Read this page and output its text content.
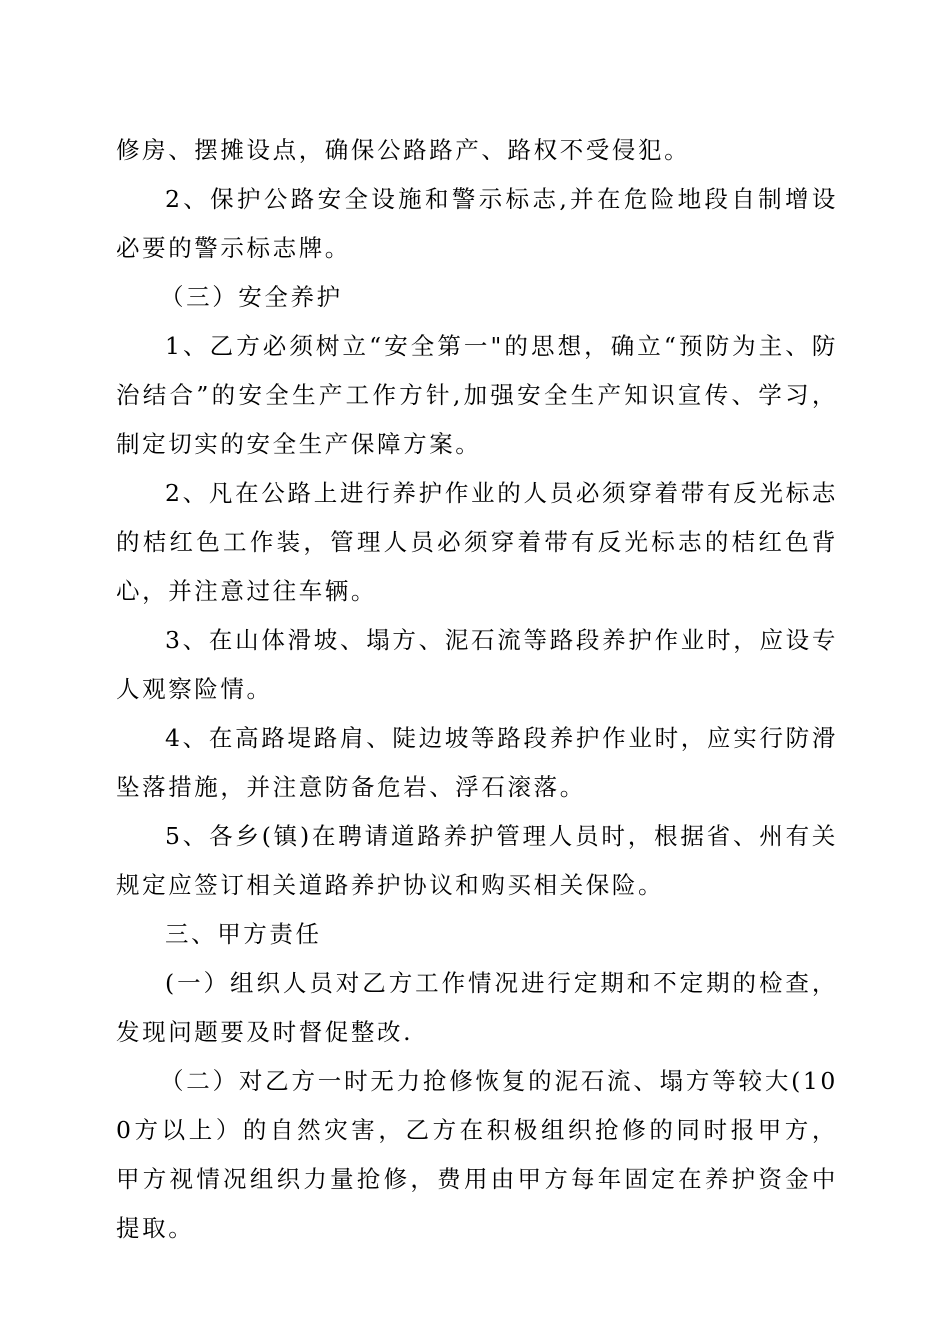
修房、摆摊设点，确保公路路产、路权不受侵犯。

2、保护公路安全设施和警示标志,并在危险地段自制增设必要的警示标志牌。

（三）安全养护

1、乙方必须树立“安全第一"的思想，确立“预防为主、防治结合”的安全生产工作方针,加强安全生产知识宣传、学习，制定切实的安全生产保障方案。

2、凡在公路上进行养护作业的人员必须穿着带有反光标志的桔红色工作装，管理人员必须穿着带有反光标志的桔红色背心，并注意过往车辆。

3、在山体滑坡、塌方、泥石流等路段养护作业时，应设专人观察险情。

4、在高路堤路肩、陡边坡等路段养护作业时，应实行防滑坠落措施，并注意防备危岩、浮石滚落。

5、各乡(镇)在聘请道路养护管理人员时，根据省、州有关规定应签订相关道路养护协议和购买相关保险。

三、甲方责任

(一）组织人员对乙方工作情况进行定期和不定期的检查，发现问题要及时督促整改.

（二）对乙方一时无力抢修恢复的泥石流、塌方等较大(100方以上）的自然灾害，乙方在积极组织抢修的同时报甲方，甲方视情况组织力量抢修，费用由甲方每年固定在养护资金中提取。
